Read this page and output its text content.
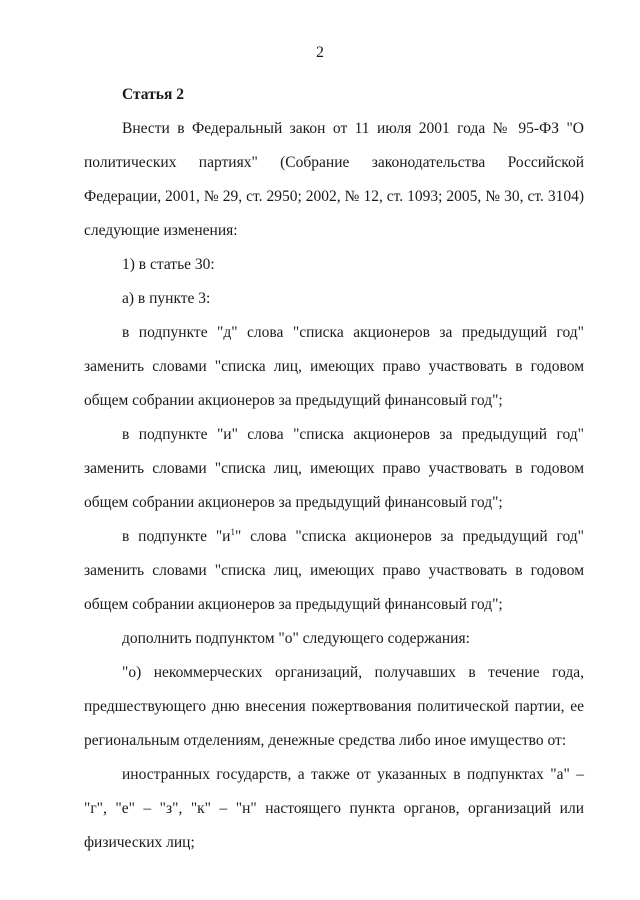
2

Статья 2

Внести в Федеральный закон от 11 июля 2001 года № 95-ФЗ "О политических партиях" (Собрание законодательства Российской Федерации, 2001, № 29, ст. 2950; 2002, № 12, ст. 1093; 2005, № 30, ст. 3104) следующие изменения:

1) в статье 30:

а) в пункте 3:

в подпункте "д" слова "списка акционеров за предыдущий год" заменить словами "списка лиц, имеющих право участвовать в годовом общем собрании акционеров за предыдущий финансовый год";

в подпункте "и" слова "списка акционеров за предыдущий год" заменить словами "списка лиц, имеющих право участвовать в годовом общем собрании акционеров за предыдущий финансовый год";

в подпункте "$и^1$" слова "списка акционеров за предыдущий год" заменить словами "списка лиц, имеющих право участвовать в годовом общем собрании акционеров за предыдущий финансовый год";

дополнить подпунктом "о" следующего содержания:

"о) некоммерческих организаций, получавших в течение года, предшествующего дню внесения пожертвования политической партии, ее региональным отделениям, денежные средства либо иное имущество от:

иностранных государств, а также от указанных в подпунктах "а" – "г", "е" – "з", "к" – "н" настоящего пункта органов, организаций или физических лиц;
